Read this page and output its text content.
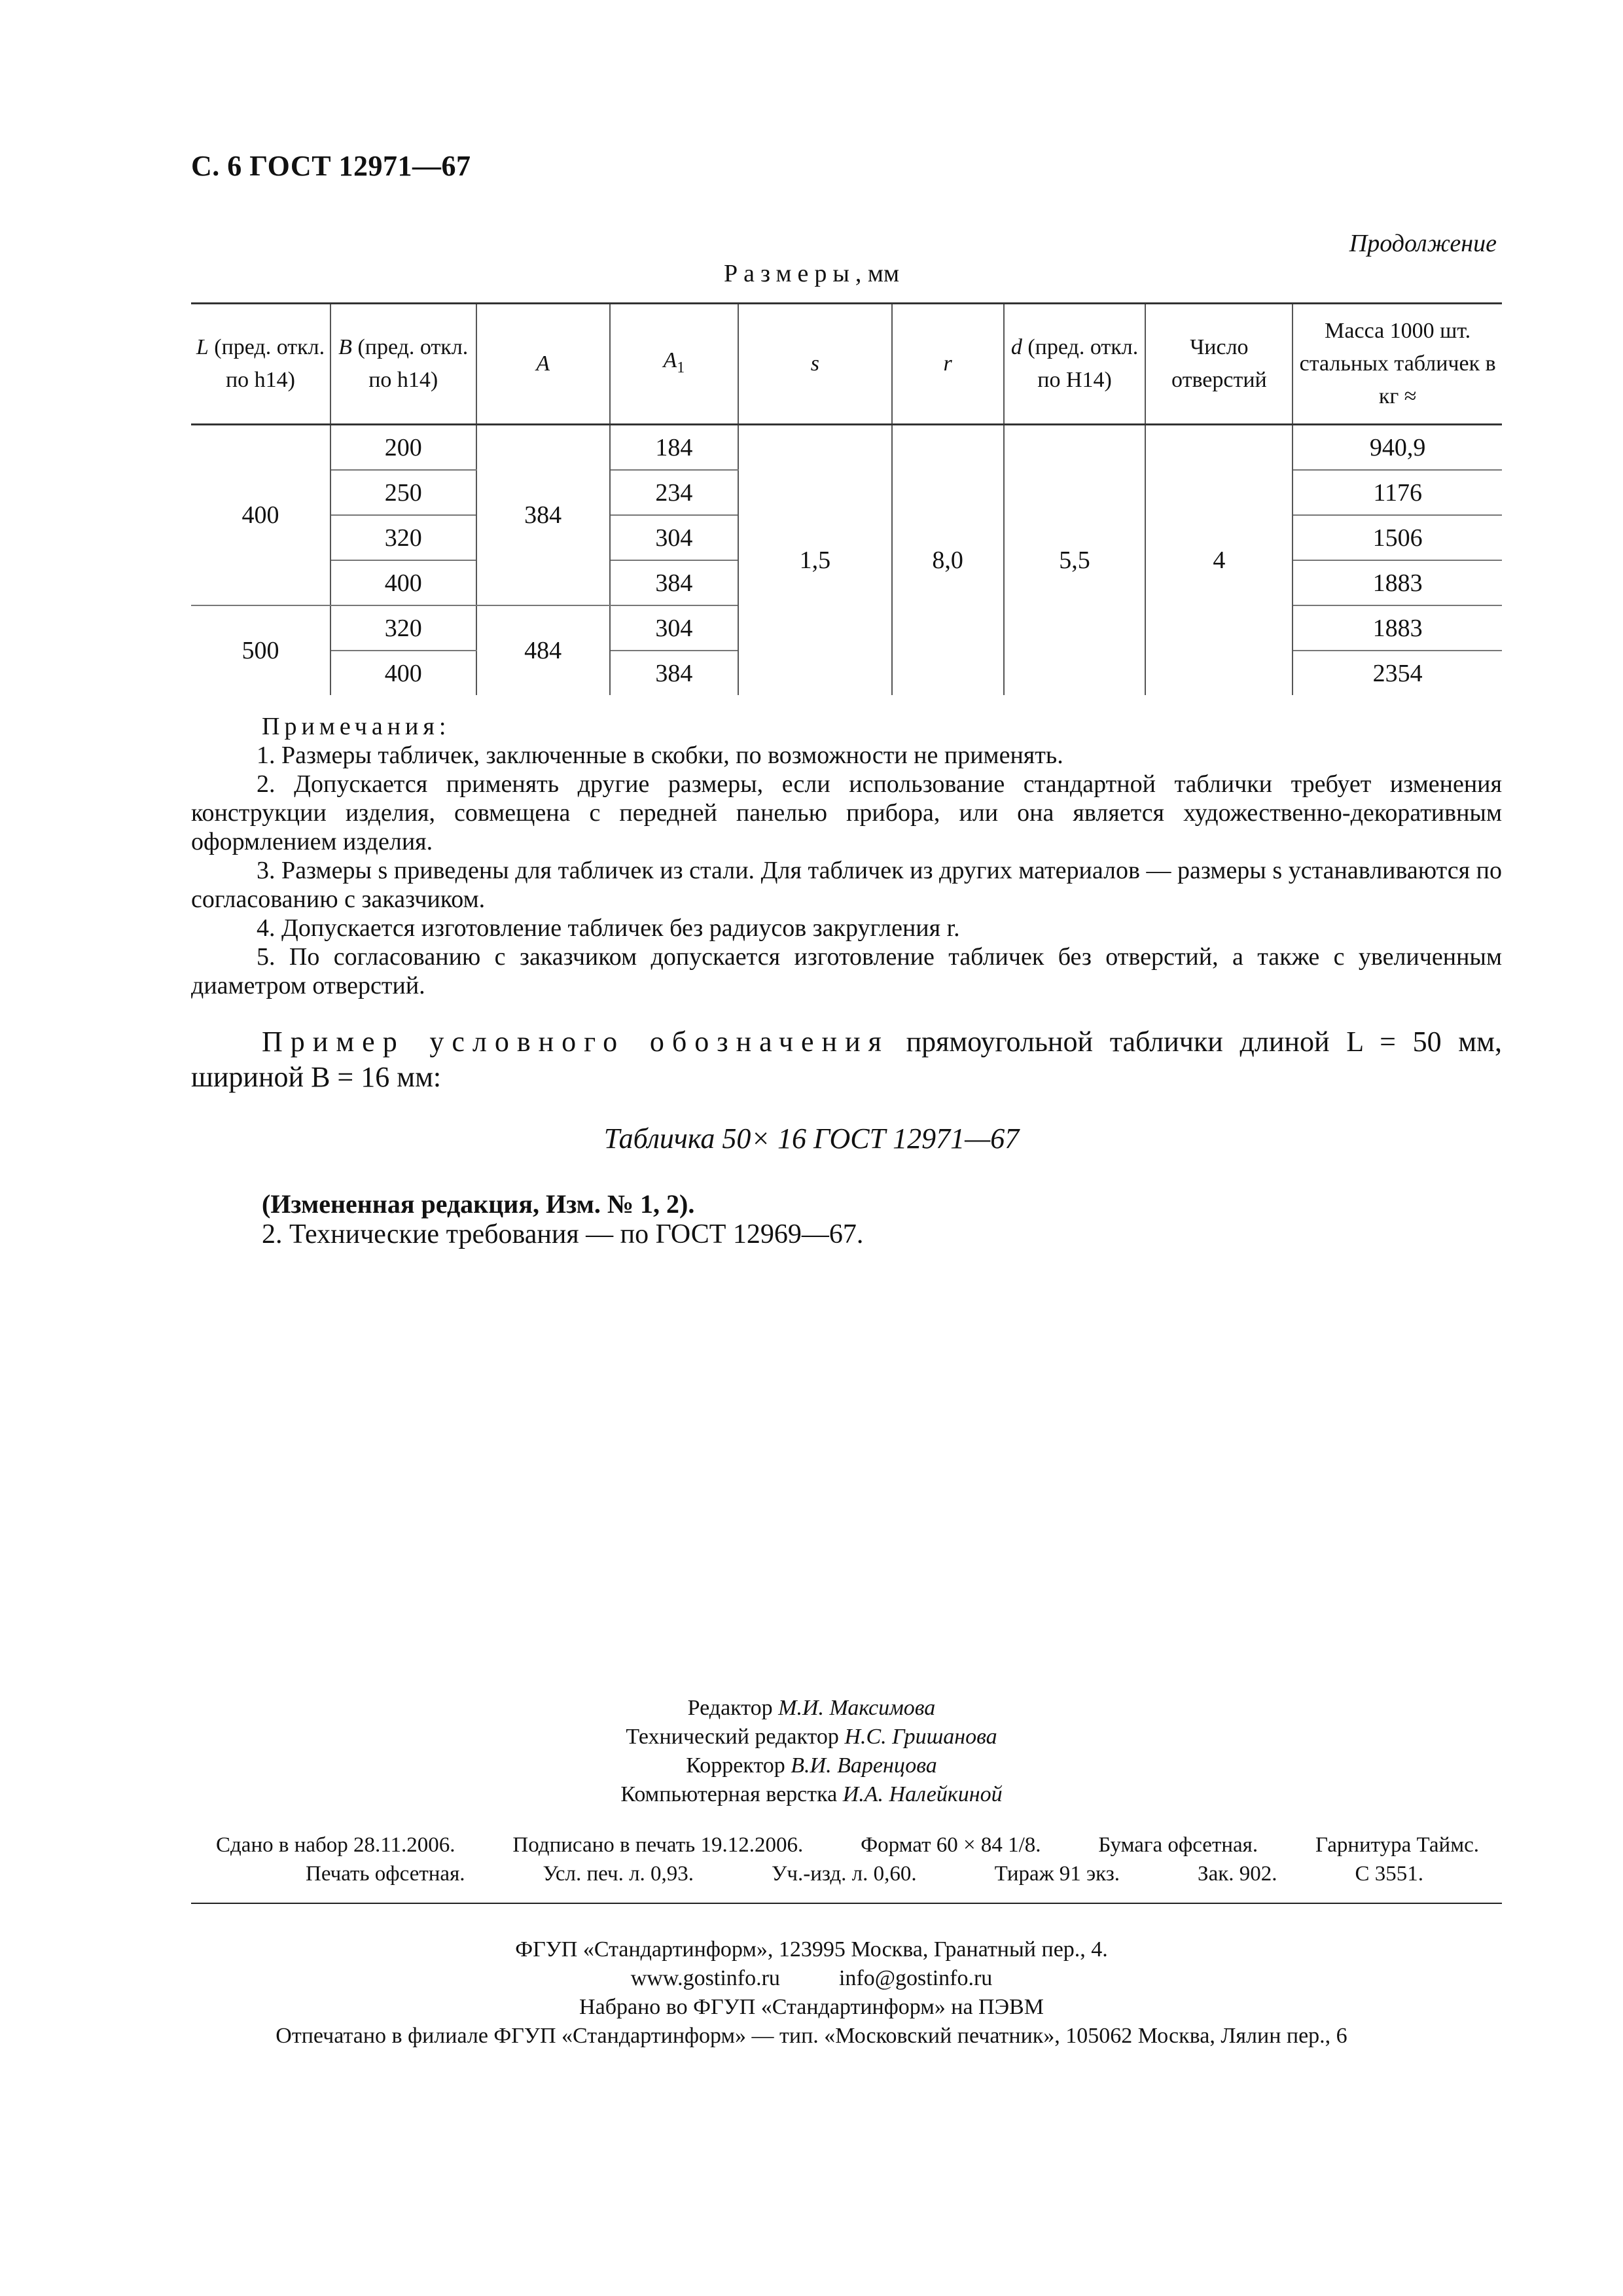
С. 6 ГОСТ 12971—67
Продолжение
Размеры, мм
L (пред. откл. по h14)	B (пред. откл. по h14)	A	$A_1$	s	r	d (пред. откл. по H14)	Число отверстий	Масса 1000 шт. стальных табличек в кг ≈
400	200	384	184	1,5	8,0	5,5	4	940,9
	250		234					1176
	320		304					1506
	400		384					1883
500	320	484	304					1883
	400		384					2354
Примечания:

1. Размеры табличек, заключенные в скобки, по возможности не применять.

2. Допускается применять другие размеры, если использование стандартной таблички требует изменения конструкции изделия, совмещена с передней панелью прибора, или она является художественно-декоративным оформлением изделия.

3. Размеры s приведены для табличек из стали. Для табличек из других материалов — размеры s устанавливаются по согласованию с заказчиком.

4. Допускается изготовление табличек без радиусов закругления r.

5. По согласованию с заказчиком допускается изготовление табличек без отверстий, а также с увеличенным диаметром отверстий.

Пример условного обозначения прямоугольной таблички длиной L = 50 мм, шириной B = 16 мм:
Табличка 50× 16 ГОСТ 12971—67
(Измененная редакция, Изм. № 1, 2).
2. Технические требования — по ГОСТ 12969—67.
Редактор М.И. Максимова
Технический редактор Н.С. Гришанова
Корректор В.И. Варенцова
Компьютерная верстка И.А. Налейкиной
Сдано в набор 28.11.2006.	Подписано в печать 19.12.2006.	Формат 60 × 84 1/8.	Бумага офсетная.	Гарнитура Таймс.
Печать офсетная.	Усл. печ. л. 0,93.	Уч.-изд. л. 0,60.	Тираж 91 экз.	Зак. 902.	С 3551.
ФГУП «Стандартинформ», 123995 Москва, Гранатный пер., 4.
www.gostinfo.ru	info@gostinfo.ru
Набрано во ФГУП «Стандартинформ» на ПЭВМ
Отпечатано в филиале ФГУП «Стандартинформ» — тип. «Московский печатник», 105062 Москва, Лялин пер., 6
